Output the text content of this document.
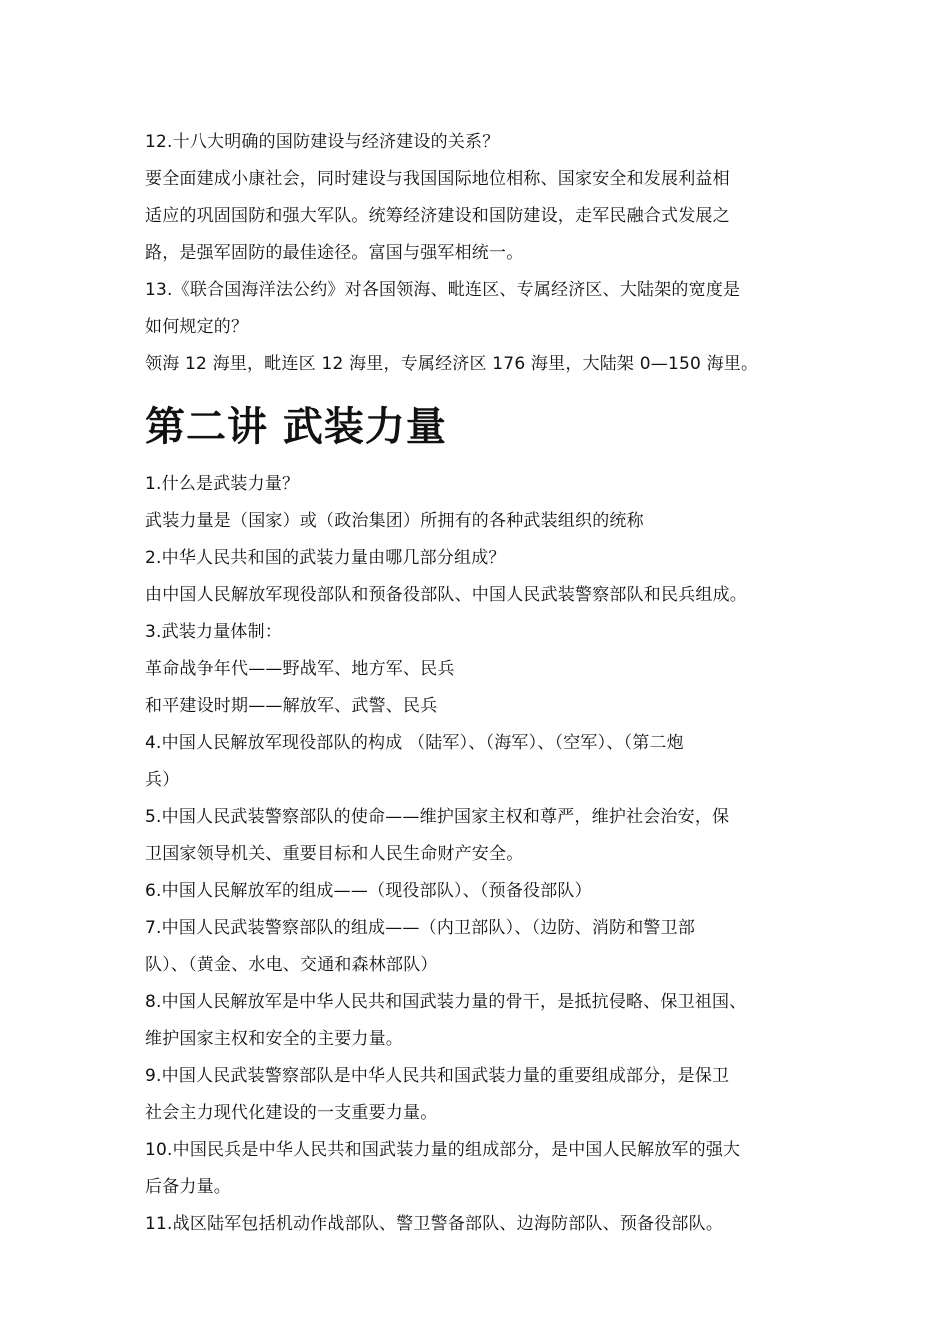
12.十八大明确的国防建设与经济建设的关系？
要全面建成小康社会，同时建设与我国国际地位相称、国家安全和发展利益相
适应的巩固国防和强大军队。统筹经济建设和国防建设，走军民融合式发展之
路，是强军固防的最佳途径。富国与强军相统一。
13.《联合国海洋法公约》对各国领海、毗连区、专属经济区、大陆架的宽度是
如何规定的？
领海 12 海里，毗连区 12 海里，专属经济区 176 海里，大陆架 0—150 海里。
第二讲 武装力量
1.什么是武装力量？
武装力量是（国家）或（政治集团）所拥有的各种武装组织的统称
2.中华人民共和国的武装力量由哪几部分组成？
由中国人民解放军现役部队和预备役部队、中国人民武装警察部队和民兵组成。
3.武装力量体制：
革命战争年代——野战军、地方军、民兵
和平建设时期——解放军、武警、民兵
4.中国人民解放军现役部队的构成 （陆军）、（海军）、（空军）、（第二炮
兵）
5.中国人民武装警察部队的使命——维护国家主权和尊严，维护社会治安，保
卫国家领导机关、重要目标和人民生命财产安全。
6.中国人民解放军的组成——（现役部队）、（预备役部队）
7.中国人民武装警察部队的组成——（内卫部队）、（边防、消防和警卫部
队）、（黄金、水电、交通和森林部队）
8.中国人民解放军是中华人民共和国武装力量的骨干，是抵抗侵略、保卫祖国、
维护国家主权和安全的主要力量。
9.中国人民武装警察部队是中华人民共和国武装力量的重要组成部分，是保卫
社会主力现代化建设的一支重要力量。
10.中国民兵是中华人民共和国武装力量的组成部分，是中国人民解放军的强大
后备力量。
11.战区陆军包括机动作战部队、警卫警备部队、边海防部队、预备役部队。
